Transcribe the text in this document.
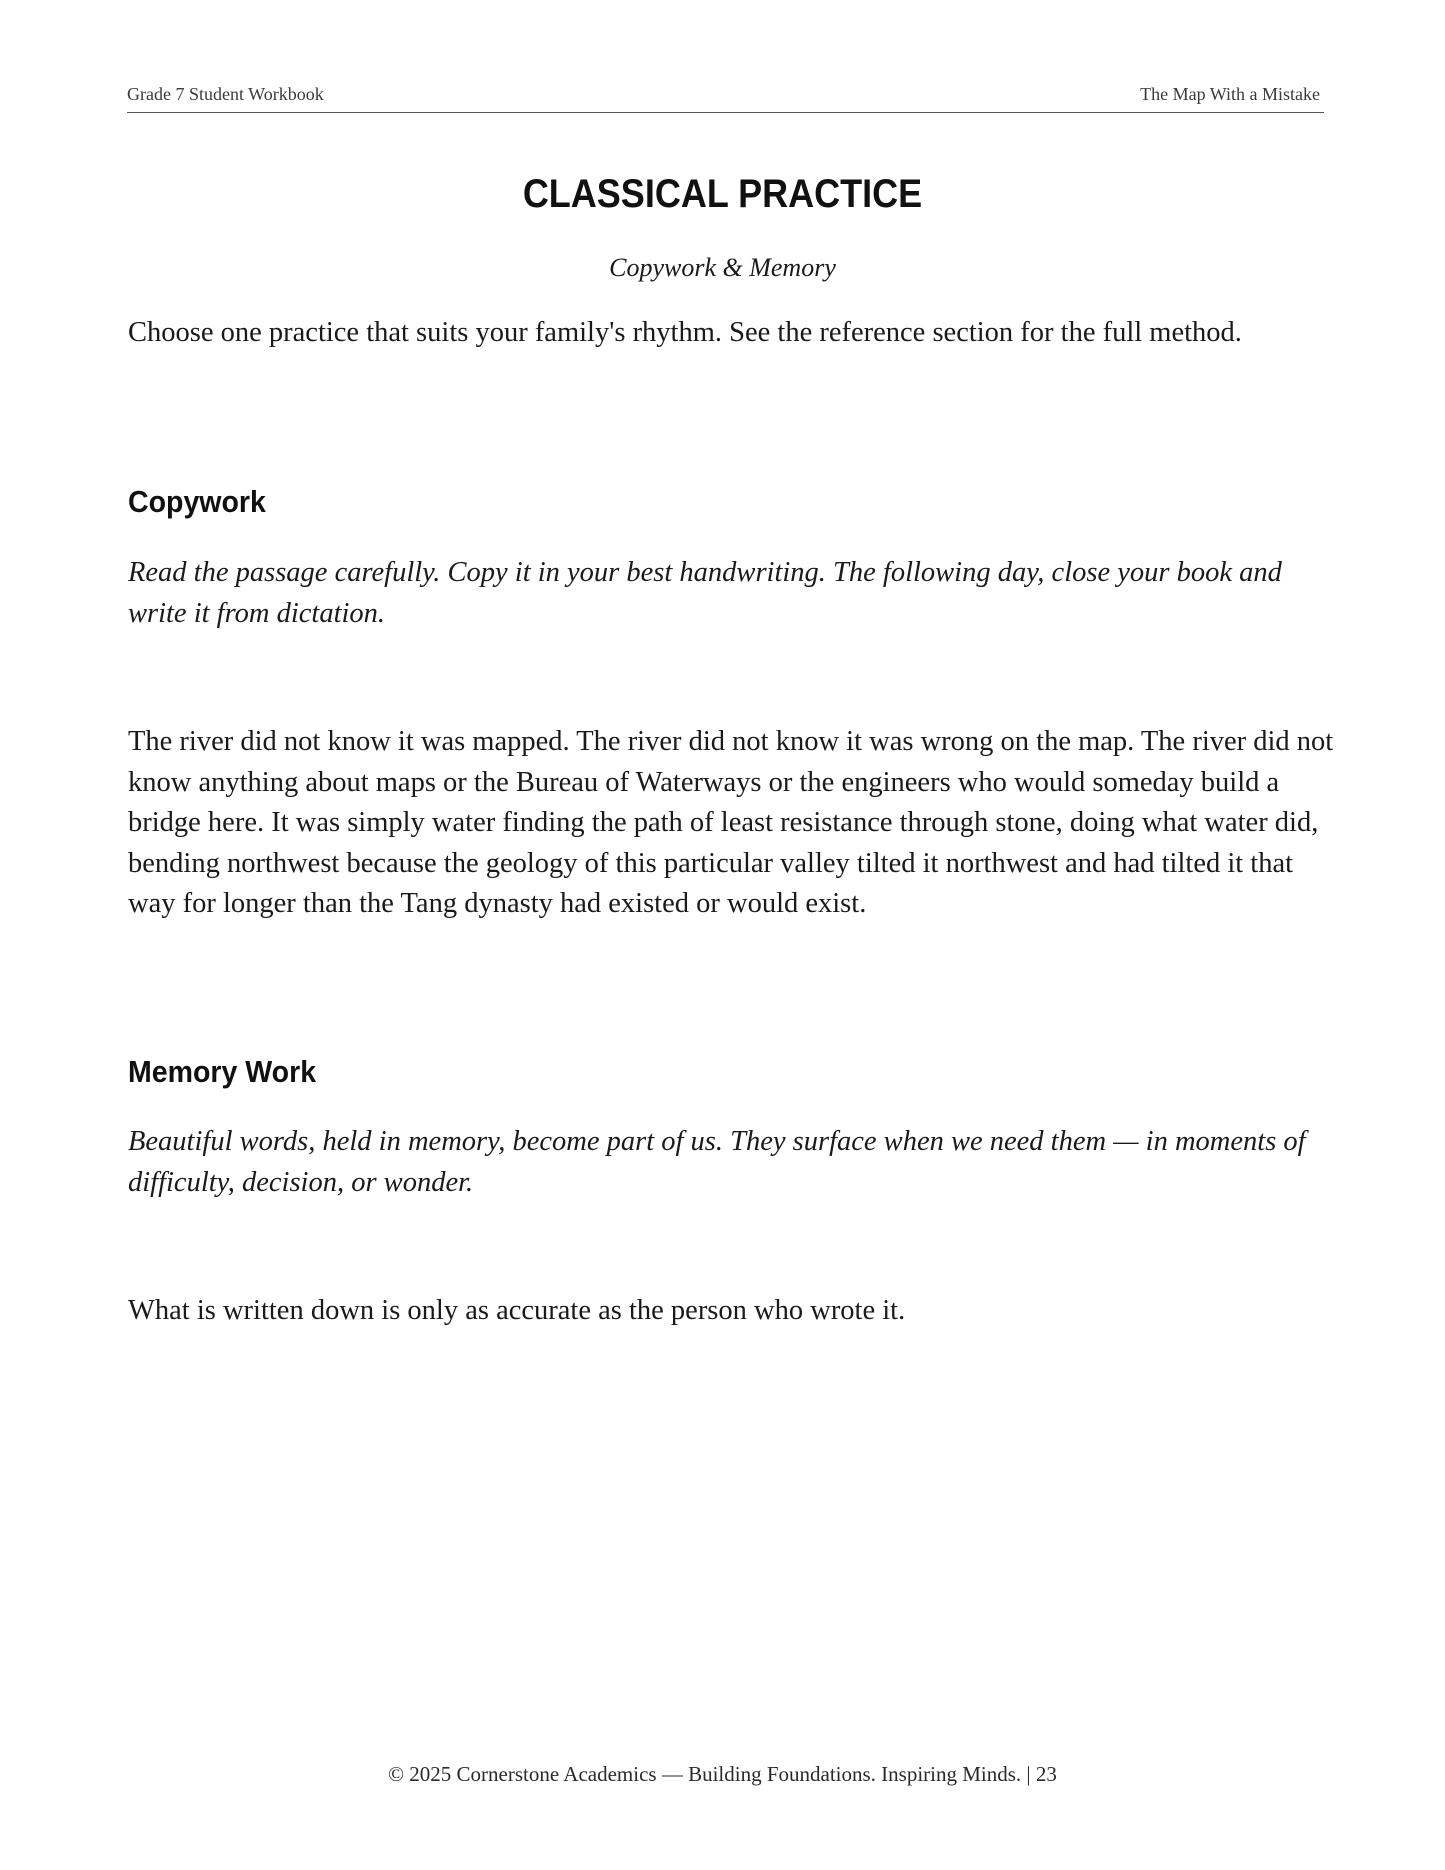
Grade 7 Student Workbook	The Map With a Mistake
CLASSICAL PRACTICE
Copywork & Memory

Choose one practice that suits your family's rhythm. See the reference section for the full method.

Copywork

Read the passage carefully. Copy it in your best handwriting. The following day, close your book and write it from dictation.

The river did not know it was mapped. The river did not know it was wrong on the map. The river did not know anything about maps or the Bureau of Waterways or the engineers who would someday build a bridge here. It was simply water finding the path of least resistance through stone, doing what water did, bending northwest because the geology of this particular valley tilted it northwest and had tilted it that way for longer than the Tang dynasty had existed or would exist.

Memory Work

Beautiful words, held in memory, become part of us. They surface when we need them — in moments of difficulty, decision, or wonder.

What is written down is only as accurate as the person who wrote it.

© 2025 Cornerstone Academics — Building Foundations. Inspiring Minds. | 23
